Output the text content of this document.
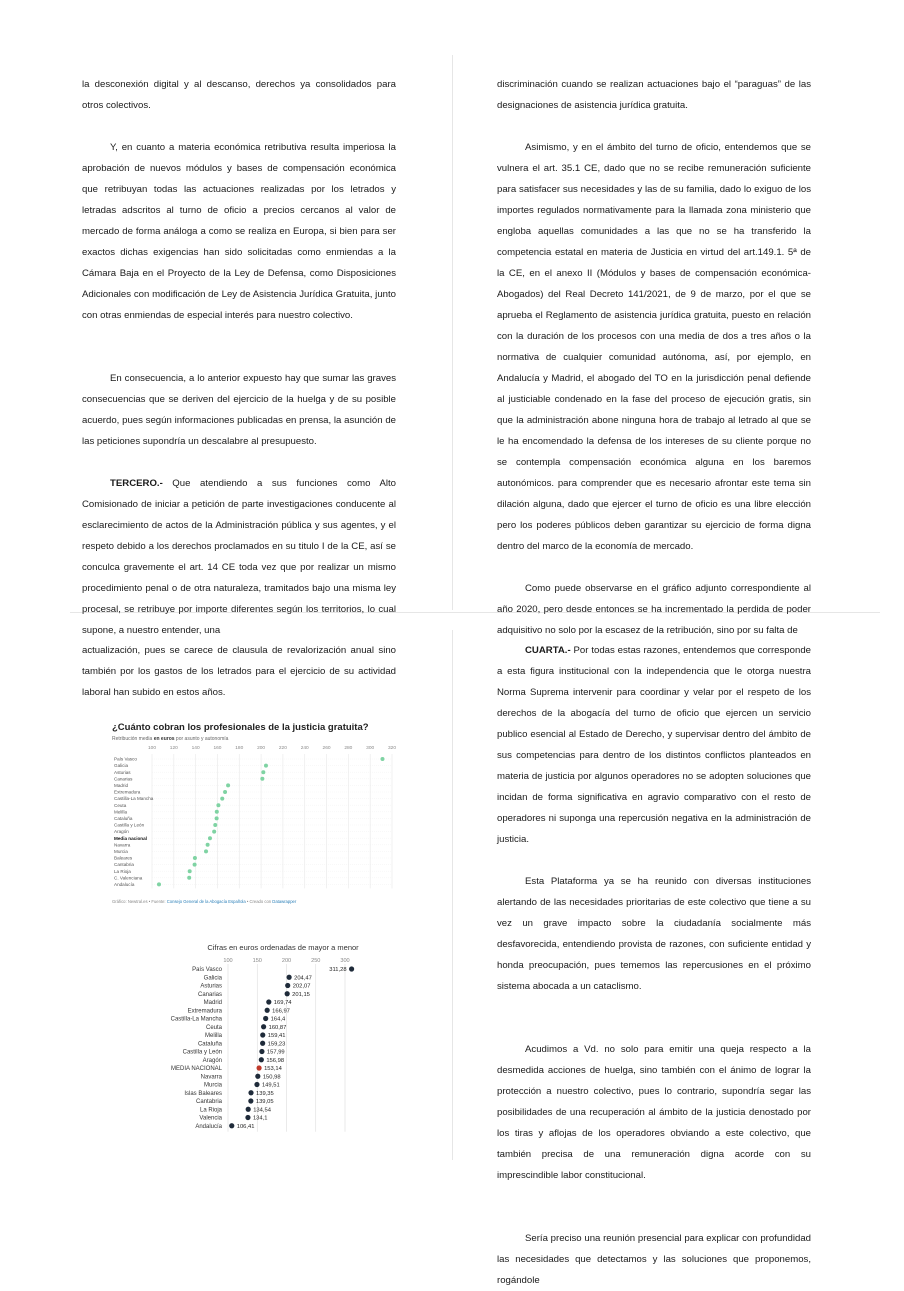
la desconexión digital y al descanso, derechos ya consolidados para otros colectivos.

Y, en cuanto a materia económica retributiva resulta imperiosa la aprobación de nuevos módulos y bases de compensación económica que retribuyan todas las actuaciones realizadas por los letrados y letradas adscritos al turno de oficio a precios cercanos al valor de mercado de forma análoga a como se realiza en Europa, si bien para ser exactos dichas exigencias han sido solicitadas como enmiendas a la Cámara Baja en el Proyecto de la Ley de Defensa, como Disposiciones Adicionales con modificación de Ley de Asistencia Jurídica Gratuita, junto con otras enmiendas de especial interés para nuestro colectivo.

En consecuencia, a lo anterior expuesto hay que sumar las graves consecuencias que se deriven del ejercicio de la huelga y de su posible acuerdo, pues según informaciones publicadas en prensa, la asunción de las peticiones supondría un descalabre al presupuesto.

TERCERO.- Que atendiendo a sus funciones como Alto Comisionado de iniciar a petición de parte investigaciones conducente al esclarecimiento de actos de la Administración pública y sus agentes, y el respeto debido a los derechos proclamados en su titulo I de la CE, así se conculca gravemente el art. 14 CE toda vez que por realizar un mismo procedimiento penal o de otra naturaleza, tramitados bajo una misma ley procesal, se retribuye por importe diferentes según los territorios, lo cual supone, a nuestro entender, una

discriminación cuando se realizan actuaciones bajo el “paraguas” de las designaciones de asistencia jurídica gratuita.

Asimismo, y en el ámbito del turno de oficio, entendemos que se vulnera el art. 35.1 CE, dado que no se recibe remuneración suficiente para satisfacer sus necesidades y las de su familia, dado lo exiguo de los importes regulados normativamente para la llamada zona ministerio que engloba aquellas comunidades a las que no se ha transferido la competencia estatal en materia de Justicia en virtud del art.149.1. 5ª de la CE, en el anexo II (Módulos y bases de compensación económica-Abogados) del Real Decreto 141/2021, de 9 de marzo, por el que se aprueba el Reglamento de asistencia jurídica gratuita, puesto en relación con la duración de los procesos con una media de dos a tres años o la normativa de cualquier comunidad autónoma, así, por ejemplo, en Andalucía y Madrid, el abogado del TO en la jurisdicción penal defiende al justiciable condenado en la fase del proceso de ejecución gratis, sin que la administración abone ninguna hora de trabajo al letrado al que se le ha encomendado la defensa de los intereses de su cliente porque no se contempla compensación económica alguna en los baremos autonómicos. para comprender que es necesario afrontar este tema sin dilación alguna, dado que ejercer el turno de oficio es una libre elección pero los poderes públicos deben garantizar su ejercicio de forma digna dentro del marco de la economía de mercado.

Como puede observarse en el gráfico adjunto correspondiente al año 2020, pero desde entonces se ha incrementado la perdida de poder adquisitivo no solo por la escasez de la retribución, sino por su falta de

actualización, pues se carece de clausula de revalorización anual sino también por los gastos de los letrados para el ejercicio de su actividad laboral han subido en estos años.

CUARTA.- Por todas estas razones, entendemos que corresponde a esta figura institucional con la independencia que le otorga nuestra Norma Suprema intervenir para coordinar y velar por el respeto de los derechos de la abogacía del turno de oficio que ejercen un servicio publico esencial al Estado de Derecho, y supervisar dentro del ámbito de sus competencias para dentro de los distintos conflictos planteados en materia de justicia por algunos operadores no se adopten soluciones que incidan de forma significativa en agravio comparativo con el resto de operadores ni suponga una repercusión negativa en la administración de justicia.

Esta Plataforma ya se ha reunido con diversas instituciones alertando de las necesidades prioritarias de este colectivo que tiene a su vez un grave impacto sobre la ciudadanía socialmente más desfavorecida, entendiendo provista de razones, con suficiente entidad y honda preocupación, pues tememos las repercusiones en el próximo sistema abocada a un cataclismo.

Acudimos a Vd. no solo para emitir una queja respecto a la desmedida acciones de huelga, sino también con el ánimo de lograr la protección a nuestro colectivo, pues lo contrario, supondría segar las posibilidades de una recuperación al ámbito de la justicia denostado por los tiras y aflojas de los operadores obviando a este colectivo, que también precisa de una remuneración digna acorde con su imprescindible labor constitucional.

Sería preciso una reunión presencial para explicar con profundidad las necesidades que detectamos y las soluciones que proponemos, rogándole

¿Cuánto cobran los profesionales de la justicia gratuita?
Retribución media en euros por asunto y autonomía
100	120	140	160	180	200	220	240	260	280	300	320
País Vasco
Galicia
Asturias
Canarias
Madrid
Extremadura
Castilla-La Mancha
Ceuta
Melilla
Cataluña
Castilla y León
Aragón
Media nacional
Navarra
Murcia
Baleares
Cantabria
La Rioja
C. Valenciana
Andalucía
Gráfico: Newtral.es • Fuente: Consejo General de la Abogacía Española • Creado con Datawrapper
Cifras en euros ordenadas de mayor a menor
100	150	200	250	300
País Vasco	311,28
Galicia	204,47
Asturias	202,07
Canarias	201,15
Madrid	169,74
Extremadura	166,97
Castilla-La Mancha	164,4
Ceuta	160,87
Melilla	159,41
Cataluña	159,23
Castilla y León	157,99
Aragón	156,98
MEDIA NACIONAL	153,14
Navarra	150,98
Murcia	149,51
Islas Baleares	139,35
Cantabria	139,05
La Rioja	134,54
Valencia	134,1
Andalucía	106,41
